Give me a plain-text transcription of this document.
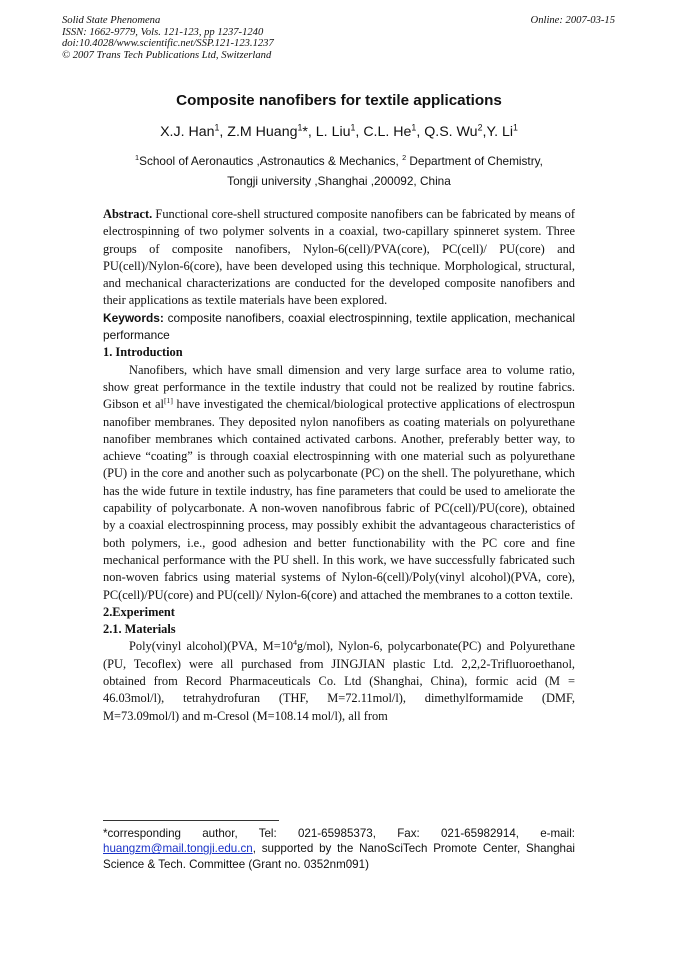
Solid State Phenomena
ISSN: 1662-9779, Vols. 121-123, pp 1237-1240
doi:10.4028/www.scientific.net/SSP.121-123.1237
© 2007 Trans Tech Publications Ltd, Switzerland
Online: 2007-03-15
Composite nanofibers for textile applications
X.J. Han$^1$, Z.M Huang$^1$*, L. Liu$^1$, C.L. He$^1$, Q.S. Wu$^2$,Y. Li$^1$
$^1$School of Aeronautics ,Astronautics & Mechanics, $^2$ Department of Chemistry,
Tongji university ,Shanghai ,200092, China

Abstract. Functional core-shell structured composite nanofibers can be fabricated by means of electrospinning of two polymer solvents in a coaxial, two-capillary spinneret system. Three groups of composite nanofibers, Nylon-6(cell)/PVA(core), PC(cell)/ PU(core) and PU(cell)/Nylon-6(core), have been developed using this technique. Morphological, structural, and mechanical characterizations are conducted for the developed composite nanofibers and their applications as textile materials have been explored.

Keywords: composite nanofibers, coaxial electrospinning, textile application, mechanical performance

1. Introduction

Nanofibers, which have small dimension and very large surface area to volume ratio, show great performance in the textile industry that could not be realized by routine fabrics. Gibson et al[1] have investigated the chemical/biological protective applications of electrospun nanofiber membranes. They deposited nylon nanofibers as coating materials on polyurethane nanofiber membranes which contained activated carbons. Another, preferably better way, to achieve “coating” is through coaxial electrospinning with one material such as polyurethane (PU) in the core and another such as polycarbonate (PC) on the shell. The polyurethane, which has the wide future in textile industry, has fine parameters that could be used to ameliorate the capability of polycarbonate. A non-woven nanofibrous fabric of PC(cell)/PU(core), obtained by a coaxial electrospinning process, may possibly exhibit the advantageous characteristics of both polymers, i.e., good adhesion and better functionability with the PC core and fine mechanical performance with the PU shell. In this work, we have successfully fabricated such non-woven fabrics using material systems of Nylon-6(cell)/Poly(vinyl alcohol)(PVA, core), PC(cell)/PU(core) and PU(cell)/ Nylon-6(core) and attached the membranes to a cotton textile.

2.Experiment
2.1. Materials

Poly(vinyl alcohol)(PVA, $M=10^4g/mol$), Nylon-6, polycarbonate(PC) and Polyurethane (PU, Tecoflex) were all purchased from JINGJIAN plastic Ltd. 2,2,2-Trifluoroethanol, obtained from Record Pharmaceuticals Co. Ltd (Shanghai, China), formic acid (M = 46.03mol/l), tetrahydrofuran (THF, M=72.11mol/l), dimethylformamide (DMF, M=73.09mol/l) and m-Cresol (M=108.14 mol/l), all from

*corresponding author, Tel: 021-65985373, Fax: 021-65982914, e-mail: huangzm@mail.tongji.edu.cn, supported by the NanoSciTech Promote Center, Shanghai Science & Tech. Committee (Grant no. 0352nm091)
